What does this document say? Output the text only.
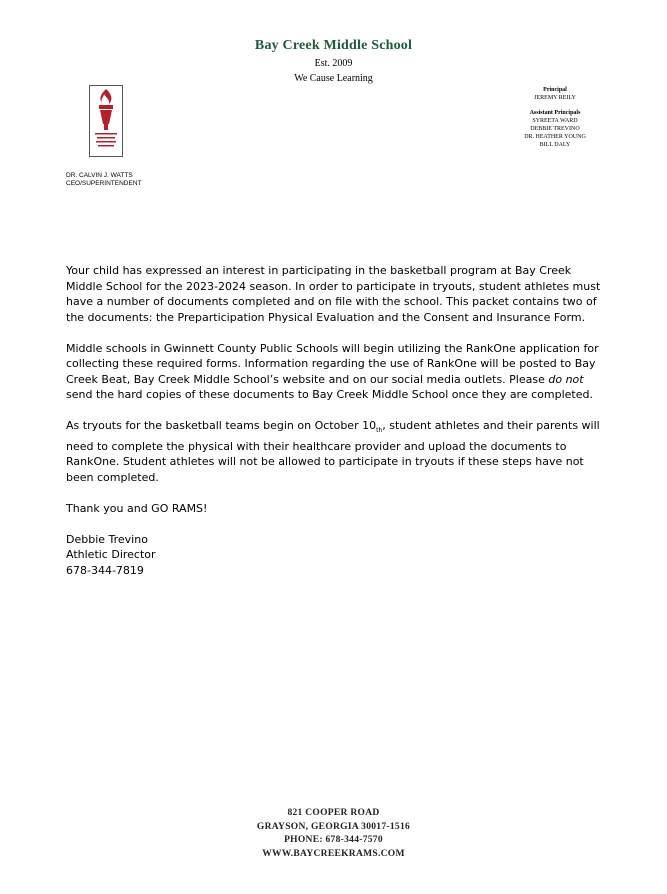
Bay Creek Middle School
Est. 2009
We Cause Learning
DR. CALVIN J. WATTS
CEO/SUPERINTENDENT
Principal
JEREMY REILY
Assistant Principals
SYREETA WARD
DEBBIE TREVINO
DR. HEATHER YOUNG
BILL DALY

Your child has expressed an interest in participating in the basketball program at Bay Creek Middle School for the 2023-2024 season. In order to participate in tryouts, student athletes must have a number of documents completed and on file with the school. This packet contains two of the documents: the Preparticipation Physical Evaluation and the Consent and Insurance Form.

Middle schools in Gwinnett County Public Schools will begin utilizing the RankOne application for collecting these required forms. Information regarding the use of RankOne will be posted to Bay Creek Beat, Bay Creek Middle School’s website and on our social media outlets. Please do not send the hard copies of these documents to Bay Creek Middle School once they are completed.

As tryouts for the basketball teams begin on October $10_{th}$, student athletes and their parents will need to complete the physical with their healthcare provider and upload the documents to RankOne. Student athletes will not be allowed to participate in tryouts if these steps have not been completed.

Thank you and GO RAMS!

Debbie Trevino

Athletic Director

678-344-7819

821 COOPER ROAD
GRAYSON, GEORGIA 30017-1516
PHONE: 678-344-7570
WWW.BAYCREEKRAMS.COM
